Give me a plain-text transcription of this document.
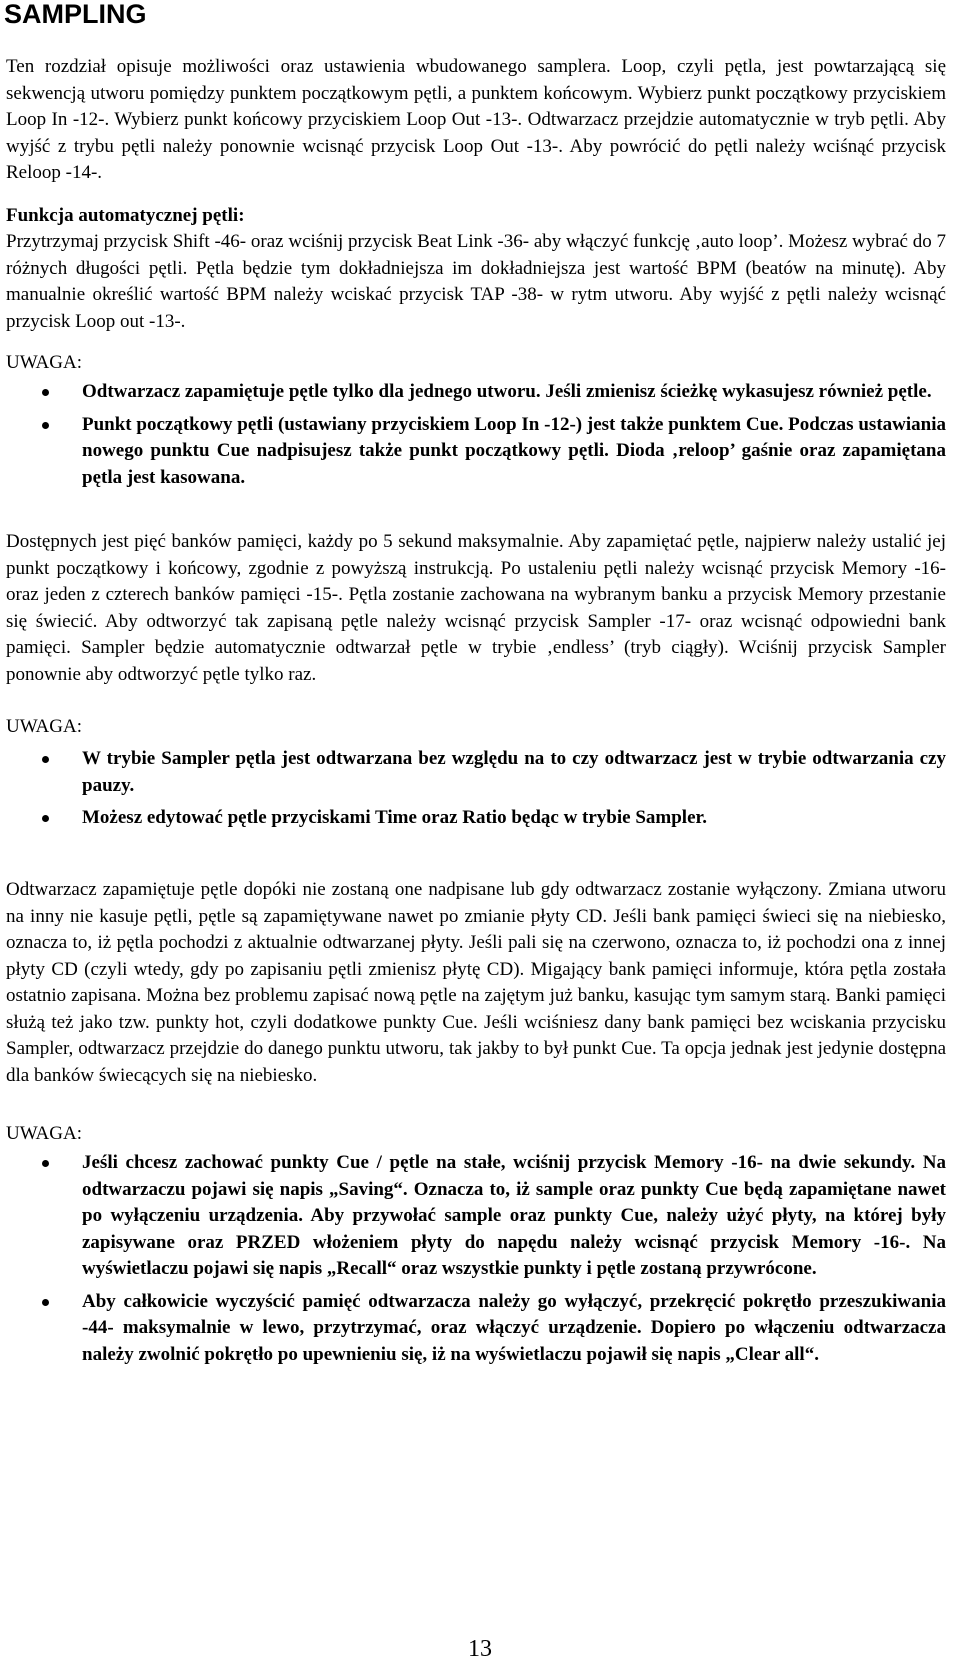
SAMPLING

Ten rozdział opisuje możliwości oraz ustawienia wbudowanego samplera. Loop, czyli pętla, jest powtarzającą się sekwencją utworu pomiędzy punktem początkowym pętli, a punktem końcowym. Wybierz punkt początkowy przyciskiem Loop In -12-. Wybierz punkt końcowy przyciskiem Loop Out -13-. Odtwarzacz przejdzie automatycznie w tryb pętli. Aby wyjść z trybu pętli należy ponownie wcisnąć przycisk Loop Out -13-. Aby powrócić do pętli należy wciśnąć przycisk Reloop -14-.

Funkcja automatycznej pętli:

Przytrzymaj przycisk Shift -46- oraz wciśnij przycisk Beat Link -36- aby włączyć funkcję ‚auto loop’. Możesz wybrać do 7 różnych długości pętli. Pętla będzie tym dokładniejsza im dokładniejsza jest wartość BPM (beatów na minutę). Aby manualnie określić wartość BPM należy wciskać przycisk TAP -38- w rytm utworu. Aby wyjść z pętli należy wcisnąć przycisk Loop out -13-.

UWAGA:

Odtwarzacz zapamiętuje pętle tylko dla jednego utworu. Jeśli zmienisz ścieżkę wykasujesz również pętle.
Punkt początkowy pętli (ustawiany przyciskiem Loop In -12-) jest także punktem Cue. Podczas ustawiania nowego punktu Cue nadpisujesz także punkt początkowy pętli. Dioda ‚reloop’ gaśnie oraz zapamiętana pętla jest kasowana.

Dostępnych jest pięć banków pamięci, każdy po 5 sekund maksymalnie. Aby zapamiętać pętle, najpierw należy ustalić jej punkt początkowy i końcowy, zgodnie z powyższą instrukcją. Po ustaleniu pętli należy wcisnąć przycisk Memory -16- oraz jeden z czterech banków pamięci -15-. Pętla zostanie zachowana na wybranym banku a przycisk Memory przestanie się świecić. Aby odtworzyć tak zapisaną pętle należy wcisnąć przycisk Sampler -17- oraz wcisnąć odpowiedni bank pamięci. Sampler będzie automatycznie odtwarzał pętle w trybie ‚endless’ (tryb ciągły). Wciśnij przycisk Sampler ponownie aby odtworzyć pętle tylko raz.

UWAGA:

W trybie Sampler pętla jest odtwarzana bez względu na to czy odtwarzacz jest w trybie odtwarzania czy pauzy.
Możesz edytować pętle przyciskami Time oraz Ratio będąc w trybie Sampler.

Odtwarzacz zapamiętuje pętle dopóki nie zostaną one nadpisane lub gdy odtwarzacz zostanie wyłączony. Zmiana utworu na inny nie kasuje pętli, pętle są zapamiętywane nawet po zmianie płyty CD. Jeśli bank pamięci świeci się na niebiesko, oznacza to, iż pętla pochodzi z aktualnie odtwarzanej płyty. Jeśli pali się na czerwono, oznacza to, iż pochodzi ona z innej płyty CD (czyli wtedy, gdy po zapisaniu pętli zmienisz płytę CD). Migający bank pamięci informuje, która pętla została ostatnio zapisana. Można bez problemu zapisać nową pętle na zajętym już banku, kasując tym samym starą. Banki pamięci służą też jako tzw. punkty hot, czyli dodatkowe punkty Cue. Jeśli wciśniesz dany bank pamięci bez wciskania przycisku Sampler, odtwarzacz przejdzie do danego punktu utworu, tak jakby to był punkt Cue. Ta opcja jednak jest jedynie dostępna dla banków świecących się na niebiesko.

UWAGA:

Jeśli chcesz zachować punkty Cue / pętle na stałe, wciśnij przycisk Memory -16- na dwie sekundy. Na odtwarzaczu pojawi się napis „Saving“. Oznacza to, iż sample oraz punkty Cue będą zapamiętane nawet po wyłączeniu urządzenia. Aby przywołać sample oraz punkty Cue, należy użyć płyty, na której były zapisywane oraz PRZED włożeniem płyty do napędu należy wcisnąć przycisk Memory -16-. Na wyświetlaczu pojawi się napis „Recall“ oraz wszystkie punkty i pętle zostaną przywrócone.
Aby całkowicie wyczyścić pamięć odtwarzacza należy go wyłączyć, przekręcić pokrętło przeszukiwania -44- maksymalnie w lewo, przytrzymać, oraz włączyć urządzenie. Dopiero po włączeniu odtwarzacza należy zwolnić pokrętło po upewnieniu się, iż na wyświetlaczu pojawił się napis „Clear all“.

13
